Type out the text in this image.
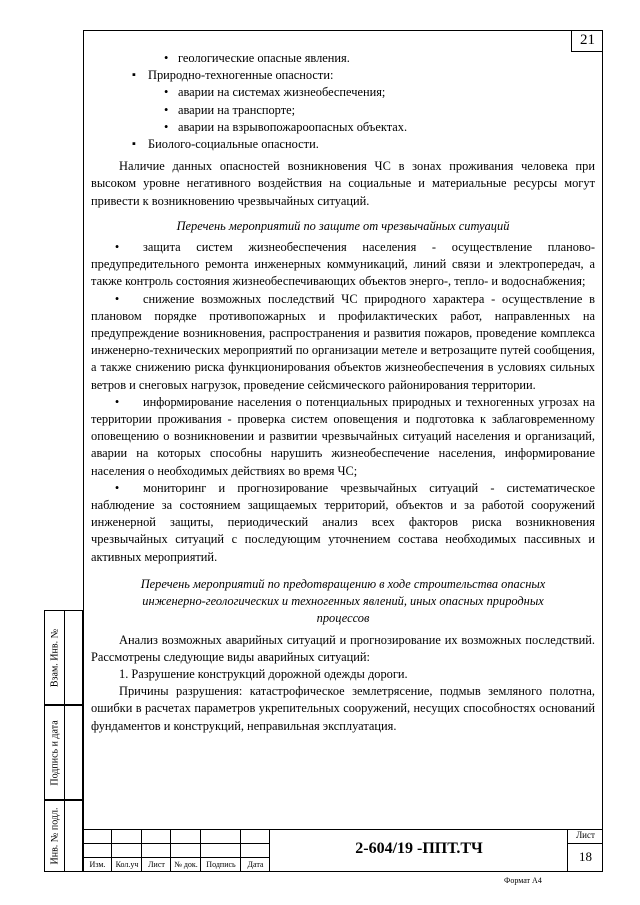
21
• геологические опасные явления.
▪ Природно-техногенные опасности:
• аварии на системах жизнеобеспечения;
• аварии на транспорте;
• аварии на взрывопожароопасных объектах.
▪ Биолого-социальные опасности.
Наличие данных опасностей возникновения ЧС в зонах проживания человека при высоком уровне негативного воздействия на социальные и материальные ресурсы могут привести к возникновению чрезвычайных ситуаций.
Перечень мероприятий по защите от чрезвычайных ситуаций
• защита систем жизнеобеспечения населения - осуществление планово-предупредительного ремонта инженерных коммуникаций, линий связи и электропередач, а также контроль состояния жизнеобеспечивающих объектов энерго-, тепло- и водоснабжения;
• снижение возможных последствий ЧС природного характера - осуществление в плановом порядке противопожарных и профилактических работ, направленных на предупреждение возникновения, распространения и развития пожаров, проведение комплекса инженерно-технических мероприятий по организации метеле и ветрозащите путей сообщения, а также снижению риска функционирования объектов жизнеобеспечения в условиях сильных ветров и снеговых нагрузок, проведение сейсмического районирования территории.
• информирование населения о потенциальных природных и техногенных угрозах на территории проживания - проверка систем оповещения и подготовка к заблаговременному оповещению о возникновении и развитии чрезвычайных ситуаций населения и организаций, аварии на которых способны нарушить жизнеобеспечение населения, информирование населения о необходимых действиях во время ЧС;
• мониторинг и прогнозирование чрезвычайных ситуаций - систематическое наблюдение за состоянием защищаемых территорий, объектов и за работой сооружений инженерной защиты, периодический анализ всех факторов риска возникновения чрезвычайных ситуаций с последующим уточнением состава необходимых пассивных и активных мероприятий.
Перечень мероприятий по предотвращению в ходе строительства опасных инженерно-геологических и техногенных явлений, иных опасных природных процессов
Анализ возможных аварийных ситуаций и прогнозирование их возможных последствий. Рассмотрены следующие виды аварийных ситуаций:
1. Разрушение конструкций дорожной одежды дороги.
Причины разрушения: катастрофическое землетрясение, подмыв земляного полотна, ошибки в расчетах параметров укрепительных сооружений, несущих способностях оснований фундаментов и конструкций, неправильная эксплуатация.
Взам. Инв. №
Подпись и дата
Инв. № подл.
Изм.	Кол.уч	Лист	№ док.	Подпись	Дата
2-604/19 -ППТ.ТЧ
Лист
18
Формат А4
